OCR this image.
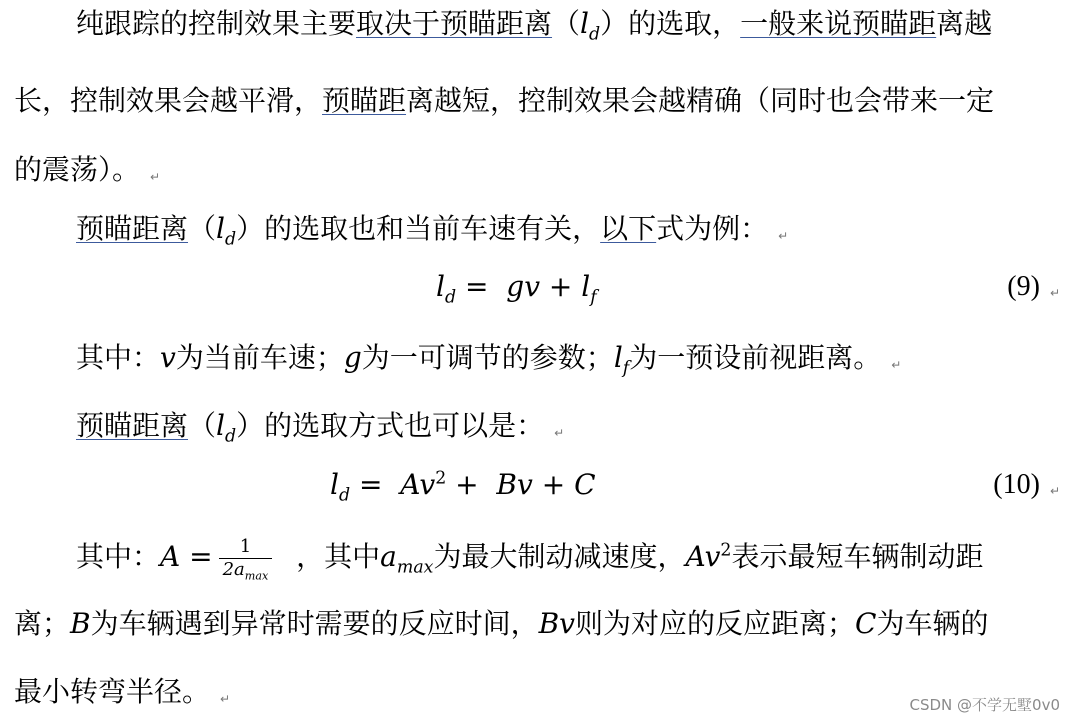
纯跟踪的控制效果主要取决于预瞄距离$(l_d)$的选取，一般来说预瞄距离越
长，控制效果会越平滑，预瞄距离越短，控制效果会越精确（同时也会带来一定
的震荡）。 ↵
预瞄距离$(l_d)$的选取也和当前车速有关，以下式为例： ↵
$l_d$ =  gv + $l_f$	(9) ↵
其中：v为当前车速；g为一可调节的参数；$l_f$为一预设前视距离。 ↵
预瞄距离$(l_d)$的选取方式也可以是： ↵
$l_d = Av^2 + Bv + C$	(10) ↵
其中：$A = \frac{1}{2a_{max}}$ ，其中$a_{max}$为最大制动减速度，Av$^2$表示最短车辆制动距
离；B为车辆遇到异常时需要的反应时间，Bv则为对应的反应距离；C为车辆的
最小转弯半径。 ↵	CSDN @不学无墅0v0
